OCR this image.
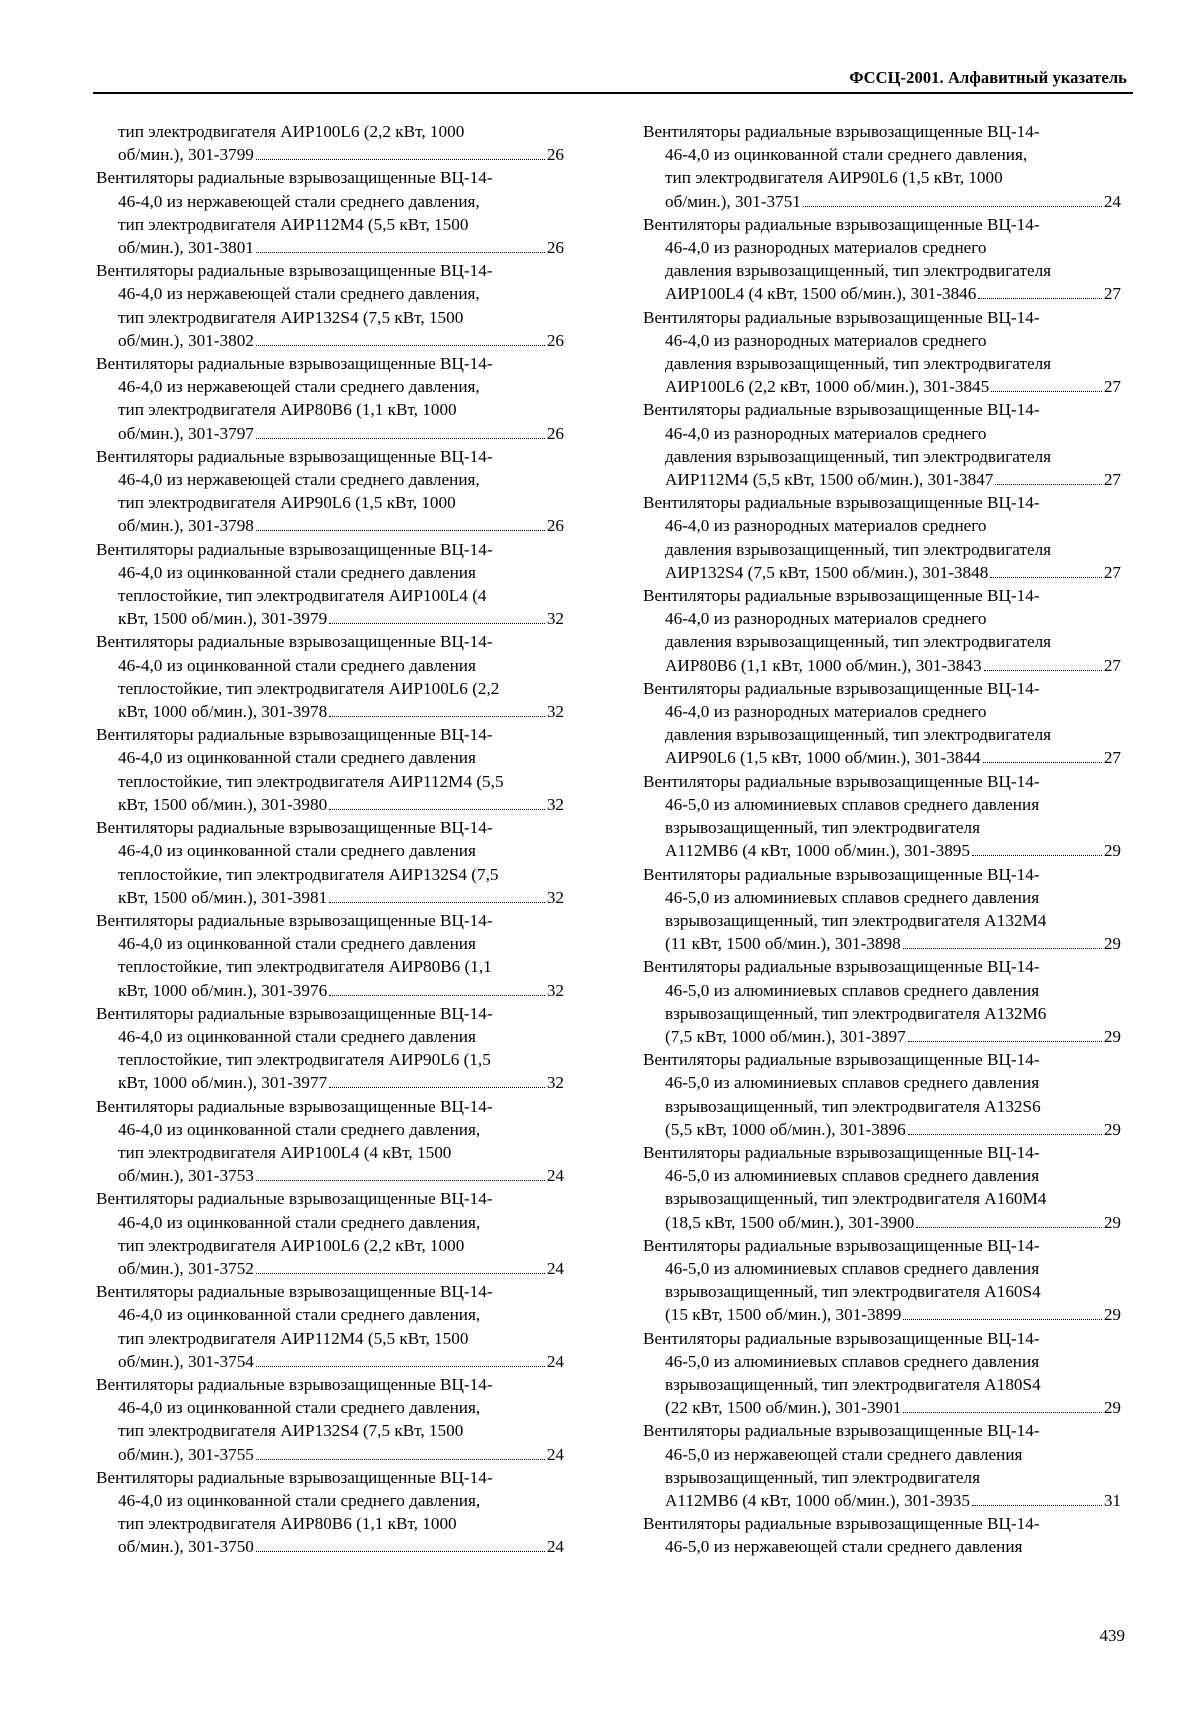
ФССЦ-2001. Алфавитный указатель
тип электродвигателя АИР100L6 (2,2 кВт, 1000
об/мин.), 301-3799	26
Вентиляторы радиальные взрывозащищенные ВЦ-14-
46-4,0 из нержавеющей стали среднего давления,
тип электродвигателя АИР112М4 (5,5 кВт, 1500
об/мин.), 301-3801	26
Вентиляторы радиальные взрывозащищенные ВЦ-14-
46-4,0 из нержавеющей стали среднего давления,
тип электродвигателя АИР132S4 (7,5 кВт, 1500
об/мин.), 301-3802	26
Вентиляторы радиальные взрывозащищенные ВЦ-14-
46-4,0 из нержавеющей стали среднего давления,
тип электродвигателя АИР80В6 (1,1 кВт, 1000
об/мин.), 301-3797	26
Вентиляторы радиальные взрывозащищенные ВЦ-14-
46-4,0 из нержавеющей стали среднего давления,
тип электродвигателя АИР90L6 (1,5 кВт, 1000
об/мин.), 301-3798	26
Вентиляторы радиальные взрывозащищенные ВЦ-14-
46-4,0 из оцинкованной стали среднего давления
теплостойкие, тип электродвигателя АИР100L4 (4
кВт, 1500 об/мин.), 301-3979	32
Вентиляторы радиальные взрывозащищенные ВЦ-14-
46-4,0 из оцинкованной стали среднего давления
теплостойкие, тип электродвигателя АИР100L6 (2,2
кВт, 1000 об/мин.), 301-3978	32
Вентиляторы радиальные взрывозащищенные ВЦ-14-
46-4,0 из оцинкованной стали среднего давления
теплостойкие, тип электродвигателя АИР112М4 (5,5
кВт, 1500 об/мин.), 301-3980	32
Вентиляторы радиальные взрывозащищенные ВЦ-14-
46-4,0 из оцинкованной стали среднего давления
теплостойкие, тип электродвигателя АИР132S4 (7,5
кВт, 1500 об/мин.), 301-3981	32
Вентиляторы радиальные взрывозащищенные ВЦ-14-
46-4,0 из оцинкованной стали среднего давления
теплостойкие, тип электродвигателя АИР80В6 (1,1
кВт, 1000 об/мин.), 301-3976	32
Вентиляторы радиальные взрывозащищенные ВЦ-14-
46-4,0 из оцинкованной стали среднего давления
теплостойкие, тип электродвигателя АИР90L6 (1,5
кВт, 1000 об/мин.), 301-3977	32
Вентиляторы радиальные взрывозащищенные ВЦ-14-
46-4,0 из оцинкованной стали среднего давления,
тип электродвигателя АИР100L4 (4 кВт, 1500
об/мин.), 301-3753	24
Вентиляторы радиальные взрывозащищенные ВЦ-14-
46-4,0 из оцинкованной стали среднего давления,
тип электродвигателя АИР100L6 (2,2 кВт, 1000
об/мин.), 301-3752	24
Вентиляторы радиальные взрывозащищенные ВЦ-14-
46-4,0 из оцинкованной стали среднего давления,
тип электродвигателя АИР112М4 (5,5 кВт, 1500
об/мин.), 301-3754	24
Вентиляторы радиальные взрывозащищенные ВЦ-14-
46-4,0 из оцинкованной стали среднего давления,
тип электродвигателя АИР132S4 (7,5 кВт, 1500
об/мин.), 301-3755	24
Вентиляторы радиальные взрывозащищенные ВЦ-14-
46-4,0 из оцинкованной стали среднего давления,
тип электродвигателя АИР80В6 (1,1 кВт, 1000
об/мин.), 301-3750	24
Вентиляторы радиальные взрывозащищенные ВЦ-14-
46-4,0 из оцинкованной стали среднего давления,
тип электродвигателя АИР90L6 (1,5 кВт, 1000
об/мин.), 301-3751	24
Вентиляторы радиальные взрывозащищенные ВЦ-14-
46-4,0 из разнородных материалов среднего
давления взрывозащищенный, тип электродвигателя
АИР100L4 (4 кВт, 1500 об/мин.), 301-3846	27
Вентиляторы радиальные взрывозащищенные ВЦ-14-
46-4,0 из разнородных материалов среднего
давления взрывозащищенный, тип электродвигателя
АИР100L6 (2,2 кВт, 1000 об/мин.), 301-3845	27
Вентиляторы радиальные взрывозащищенные ВЦ-14-
46-4,0 из разнородных материалов среднего
давления взрывозащищенный, тип электродвигателя
АИР112М4 (5,5 кВт, 1500 об/мин.), 301-3847	27
Вентиляторы радиальные взрывозащищенные ВЦ-14-
46-4,0 из разнородных материалов среднего
давления взрывозащищенный, тип электродвигателя
АИР132S4 (7,5 кВт, 1500 об/мин.), 301-3848	27
Вентиляторы радиальные взрывозащищенные ВЦ-14-
46-4,0 из разнородных материалов среднего
давления взрывозащищенный, тип электродвигателя
АИР80В6 (1,1 кВт, 1000 об/мин.), 301-3843	27
Вентиляторы радиальные взрывозащищенные ВЦ-14-
46-4,0 из разнородных материалов среднего
давления взрывозащищенный, тип электродвигателя
АИР90L6 (1,5 кВт, 1000 об/мин.), 301-3844	27
Вентиляторы радиальные взрывозащищенные ВЦ-14-
46-5,0 из алюминиевых сплавов среднего давления
взрывозащищенный, тип электродвигателя
А112МВ6 (4 кВт, 1000 об/мин.), 301-3895	29
Вентиляторы радиальные взрывозащищенные ВЦ-14-
46-5,0 из алюминиевых сплавов среднего давления
взрывозащищенный, тип электродвигателя А132М4
(11 кВт, 1500 об/мин.), 301-3898	29
Вентиляторы радиальные взрывозащищенные ВЦ-14-
46-5,0 из алюминиевых сплавов среднего давления
взрывозащищенный, тип электродвигателя А132М6
(7,5 кВт, 1000 об/мин.), 301-3897	29
Вентиляторы радиальные взрывозащищенные ВЦ-14-
46-5,0 из алюминиевых сплавов среднего давления
взрывозащищенный, тип электродвигателя А132S6
(5,5 кВт, 1000 об/мин.), 301-3896	29
Вентиляторы радиальные взрывозащищенные ВЦ-14-
46-5,0 из алюминиевых сплавов среднего давления
взрывозащищенный, тип электродвигателя А160М4
(18,5 кВт, 1500 об/мин.), 301-3900	29
Вентиляторы радиальные взрывозащищенные ВЦ-14-
46-5,0 из алюминиевых сплавов среднего давления
взрывозащищенный, тип электродвигателя А160S4
(15 кВт, 1500 об/мин.), 301-3899	29
Вентиляторы радиальные взрывозащищенные ВЦ-14-
46-5,0 из алюминиевых сплавов среднего давления
взрывозащищенный, тип электродвигателя А180S4
(22 кВт, 1500 об/мин.), 301-3901	29
Вентиляторы радиальные взрывозащищенные ВЦ-14-
46-5,0 из нержавеющей стали среднего давления
взрывозащищенный, тип электродвигателя
А112МВ6 (4 кВт, 1000 об/мин.), 301-3935	31
Вентиляторы радиальные взрывозащищенные ВЦ-14-
46-5,0 из нержавеющей стали среднего давления
439
